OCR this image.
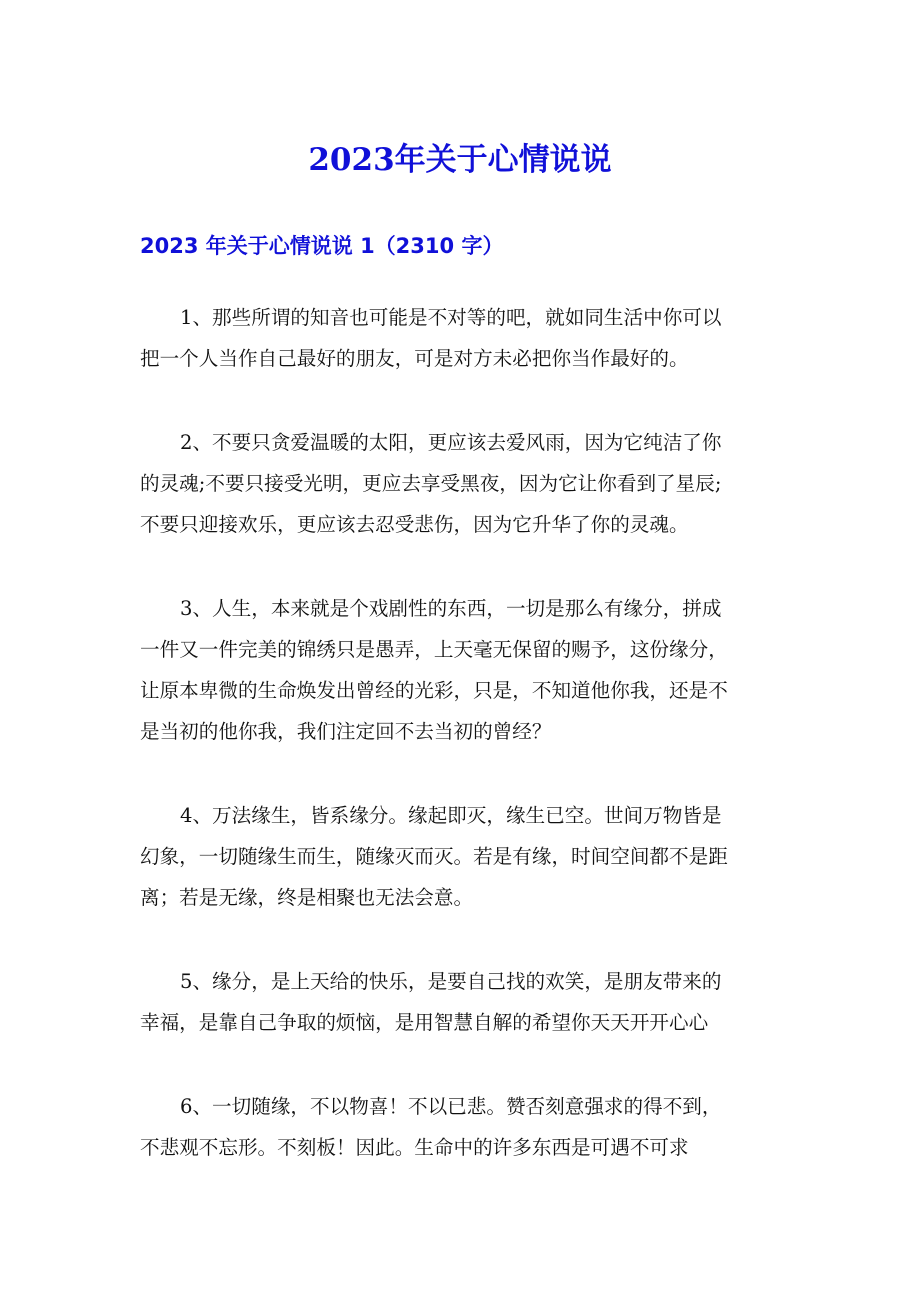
2023年关于心情说说
2023 年关于心情说说 1（2310 字）

1、那些所谓的知音也可能是不对等的吧，就如同生活中你可以
把一个人当作自己最好的朋友，可是对方未必把你当作最好的。

2、不要只贪爱温暖的太阳，更应该去爱风雨，因为它纯洁了你
的灵魂;不要只接受光明，更应去享受黑夜，因为它让你看到了星辰;
不要只迎接欢乐，更应该去忍受悲伤，因为它升华了你的灵魂。

3、人生，本来就是个戏剧性的东西，一切是那么有缘分，拼成
一件又一件完美的锦绣只是愚弄，上天毫无保留的赐予，这份缘分，
让原本卑微的生命焕发出曾经的光彩，只是，不知道他你我，还是不
是当初的他你我，我们注定回不去当初的曾经？

4、万法缘生，皆系缘分。缘起即灭，缘生已空。世间万物皆是
幻象，一切随缘生而生，随缘灭而灭。若是有缘，时间空间都不是距
离；若是无缘，终是相聚也无法会意。

5、缘分，是上天给的快乐，是要自己找的欢笑，是朋友带来的
幸福，是靠自己争取的烦恼，是用智慧自解的希望你天天开开心心

6、一切随缘，不以物喜！不以已悲。赞否刻意强求的得不到，
不悲观不忘形。不刻板！因此。生命中的许多东西是可遇不可求
